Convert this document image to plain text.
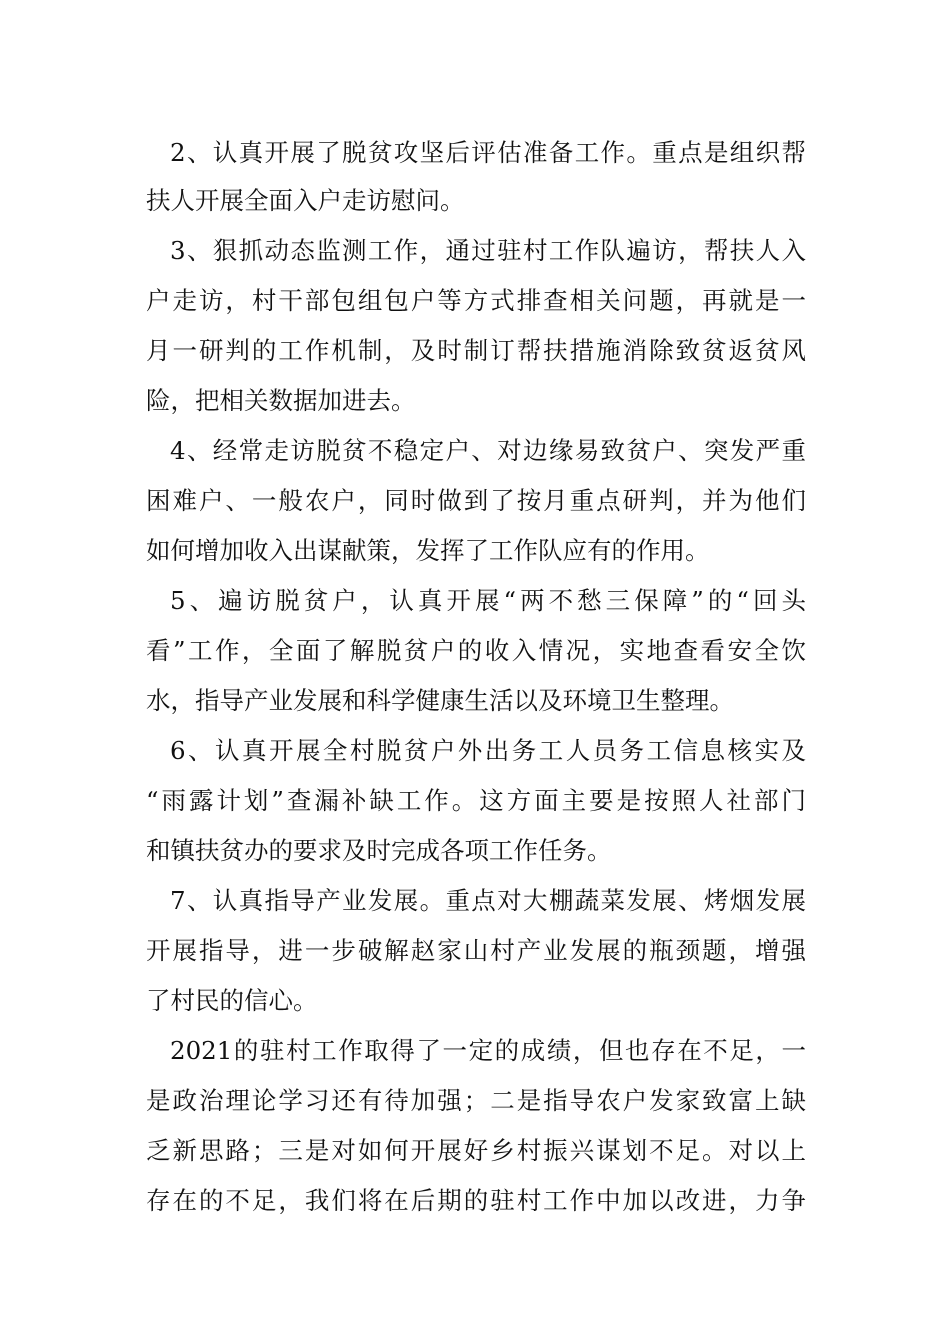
2、认真开展了脱贫攻坚后评估准备工作。重点是组织帮
扶人开展全面入户走访慰问。
3、狠抓动态监测工作，通过驻村工作队遍访，帮扶人入
户走访，村干部包组包户等方式排查相关问题，再就是一
月一研判的工作机制，及时制订帮扶措施消除致贫返贫风
险，把相关数据加进去。
4、经常走访脱贫不稳定户、对边缘易致贫户、突发严重
困难户、一般农户，同时做到了按月重点研判，并为他们
如何增加收入出谋献策，发挥了工作队应有的作用。
5、遍访脱贫户，认真开展“两不愁三保障”的“回头
看”工作，全面了解脱贫户的收入情况，实地查看安全饮
水，指导产业发展和科学健康生活以及环境卫生整理。
6、认真开展全村脱贫户外出务工人员务工信息核实及
“雨露计划”查漏补缺工作。这方面主要是按照人社部门
和镇扶贫办的要求及时完成各项工作任务。
7、认真指导产业发展。重点对大棚蔬菜发展、烤烟发展
开展指导，进一步破解赵家山村产业发展的瓶颈题，增强
了村民的信心。
2021的驻村工作取得了一定的成绩，但也存在不足，一
是政治理论学习还有待加强；二是指导农户发家致富上缺
乏新思路；三是对如何开展好乡村振兴谋划不足。对以上
存在的不足，我们将在后期的驻村工作中加以改进，力争
